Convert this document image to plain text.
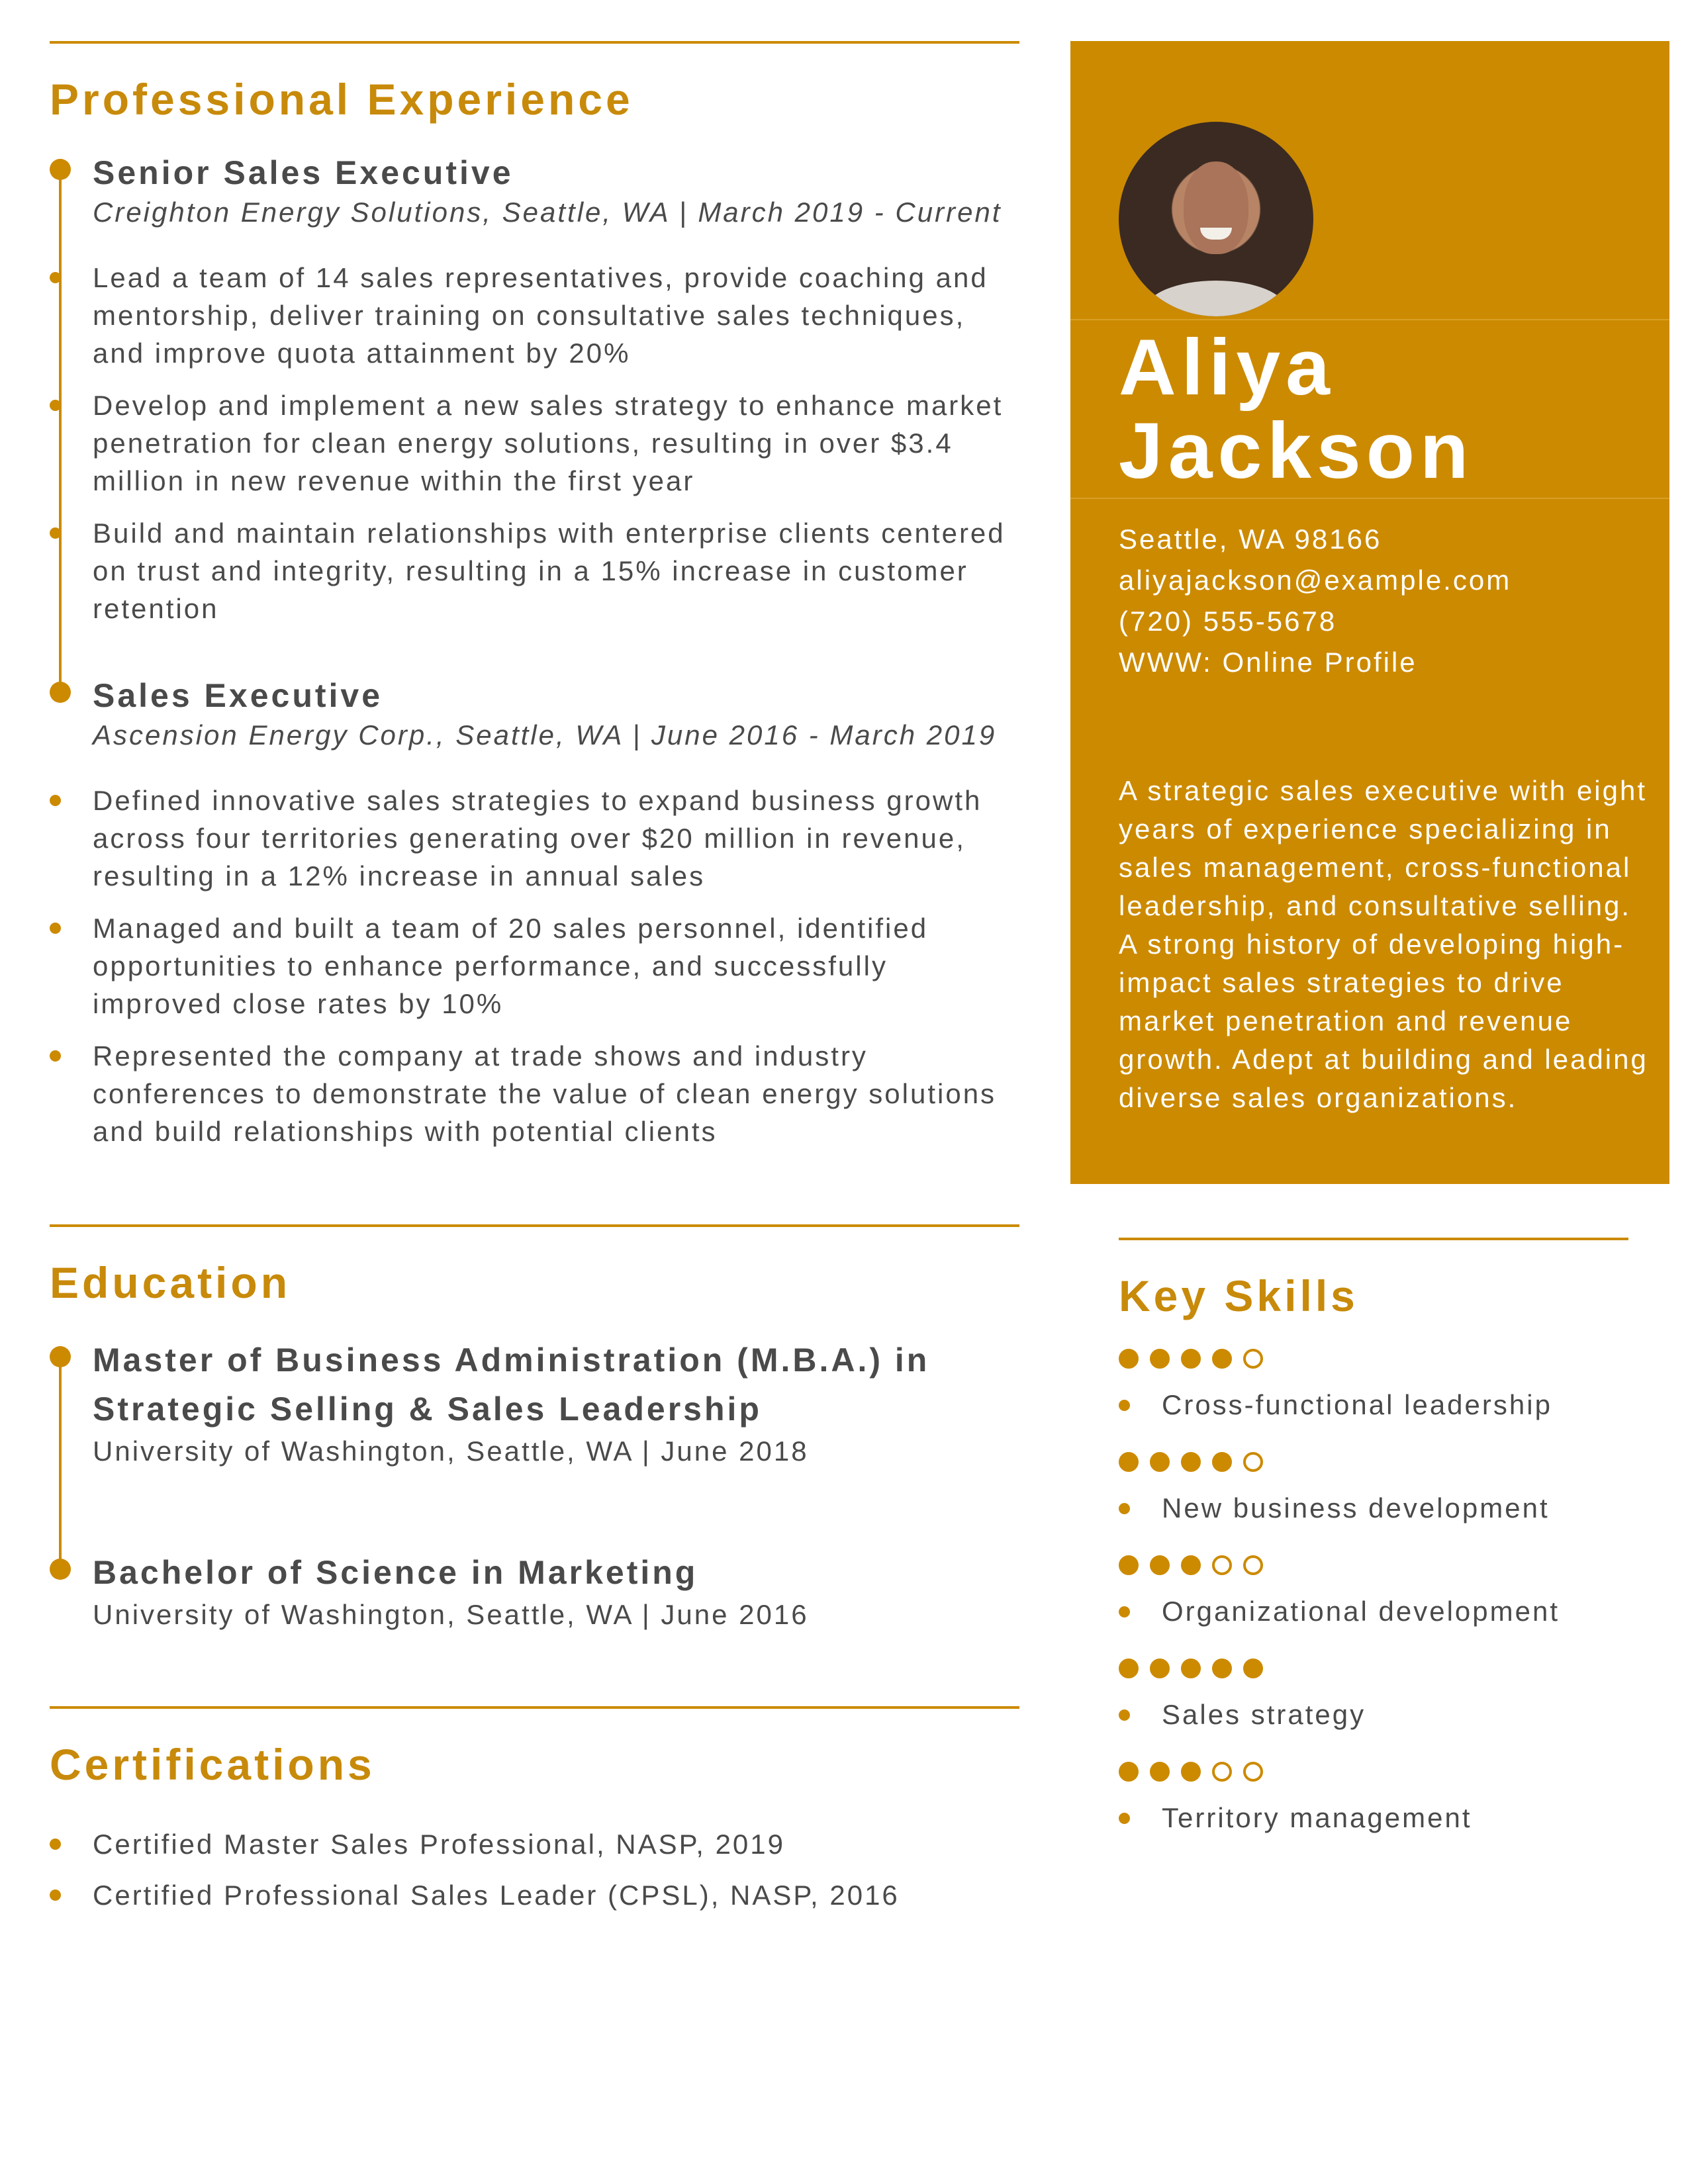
Professional Experience
Senior Sales Executive
Creighton Energy Solutions, Seattle, WA | March 2019 - Current
Lead a team of 14 sales representatives, provide coaching and mentorship, deliver training on consultative sales techniques, and improve quota attainment by 20%
Develop and implement a new sales strategy to enhance market penetration for clean energy solutions, resulting in over $3.4 million in new revenue within the first year
Build and maintain relationships with enterprise clients centered on trust and integrity, resulting in a 15% increase in customer retention
Sales Executive
Ascension Energy Corp., Seattle, WA | June 2016 - March 2019
Defined innovative sales strategies to expand business growth across four territories generating over $20 million in revenue, resulting in a 12% increase in annual sales
Managed and built a team of 20 sales personnel, identified opportunities to enhance performance, and successfully improved close rates by 10%
Represented the company at trade shows and industry conferences to demonstrate the value of clean energy solutions and build relationships with potential clients
Education
Master of Business Administration (M.B.A.) in Strategic Selling & Sales Leadership
University of Washington, Seattle, WA | June 2018
Bachelor of Science in Marketing
University of Washington, Seattle, WA | June 2016
Certifications
Certified Master Sales Professional, NASP, 2019
Certified Professional Sales Leader (CPSL), NASP, 2016
Aliya
Jackson
Seattle, WA 98166
aliyajackson@example.com
(720) 555-5678
WWW: Online Profile
A strategic sales executive with eight years of experience specializing in sales management, cross-functional leadership, and consultative selling. A strong history of developing high-impact sales strategies to drive market penetration and revenue growth. Adept at building and leading diverse sales organizations.
Key Skills
Cross-functional leadership
New business development
Organizational development
Sales strategy
Territory management
